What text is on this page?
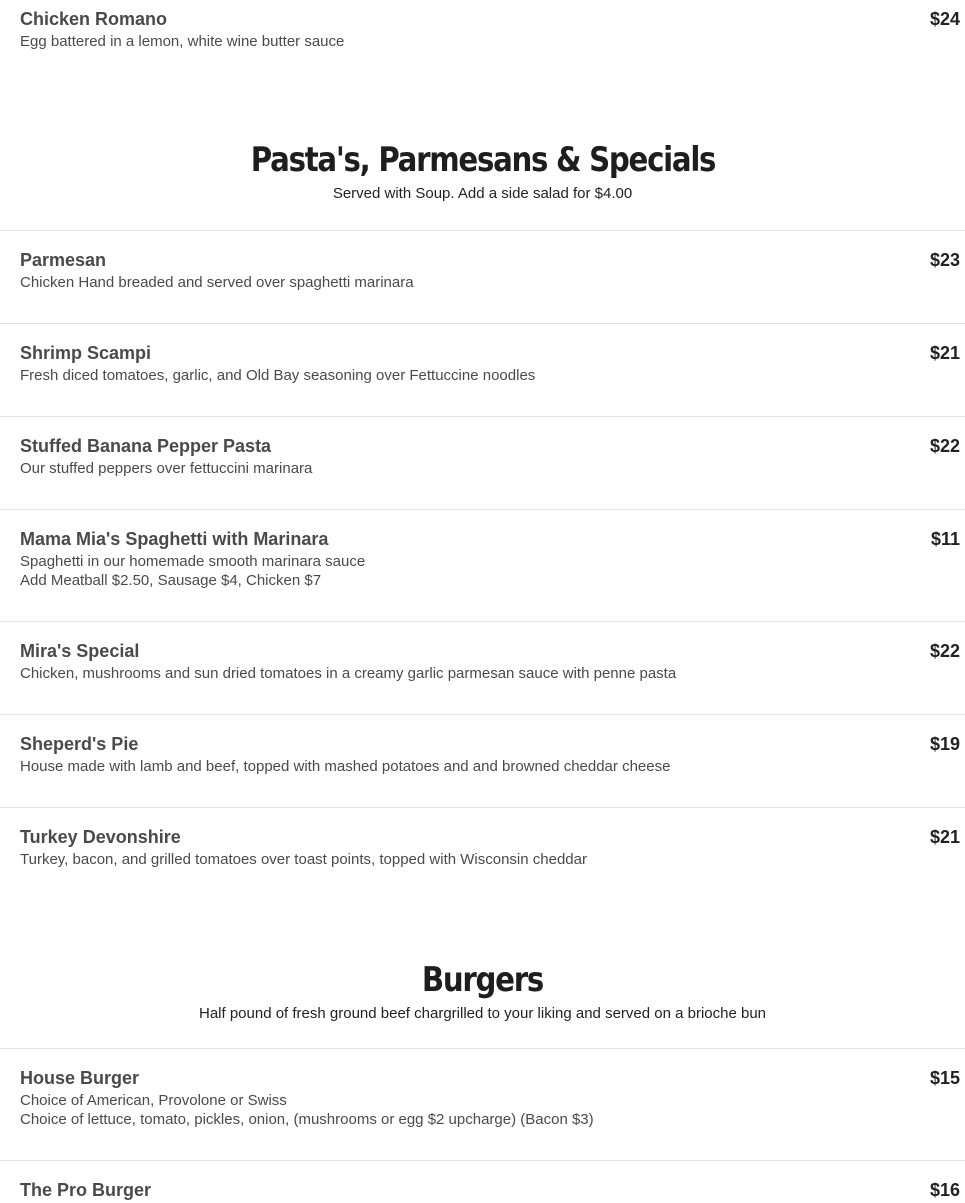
Chicken Romano	$24
Egg battered in a lemon, white wine butter sauce
Pasta's, Parmesans & Specials
Served with Soup. Add a side salad for $4.00
Parmesan	$23
Chicken Hand breaded and served over spaghetti marinara
Shrimp Scampi	$21
Fresh diced tomatoes, garlic, and Old Bay seasoning over Fettuccine noodles
Stuffed Banana Pepper Pasta	$22
Our stuffed peppers over fettuccini marinara
Mama Mia's Spaghetti with Marinara	$11
Spaghetti in our homemade smooth marinara sauce
Add Meatball $2.50, Sausage $4, Chicken $7
Mira's Special	$22
Chicken, mushrooms and sun dried tomatoes in a creamy garlic parmesan sauce with penne pasta
Sheperd's Pie	$19
House made with lamb and beef, topped with mashed potatoes and and browned cheddar cheese
Turkey Devonshire	$21
Turkey, bacon, and grilled tomatoes over toast points, topped with Wisconsin cheddar
Burgers
Half pound of fresh ground beef chargrilled to your liking and served on a brioche bun
House Burger	$15
Choice of American, Provolone or Swiss
Choice of lettuce, tomato, pickles, onion, (mushrooms or egg $2 upcharge) (Bacon $3)
The Pro Burger	$16
